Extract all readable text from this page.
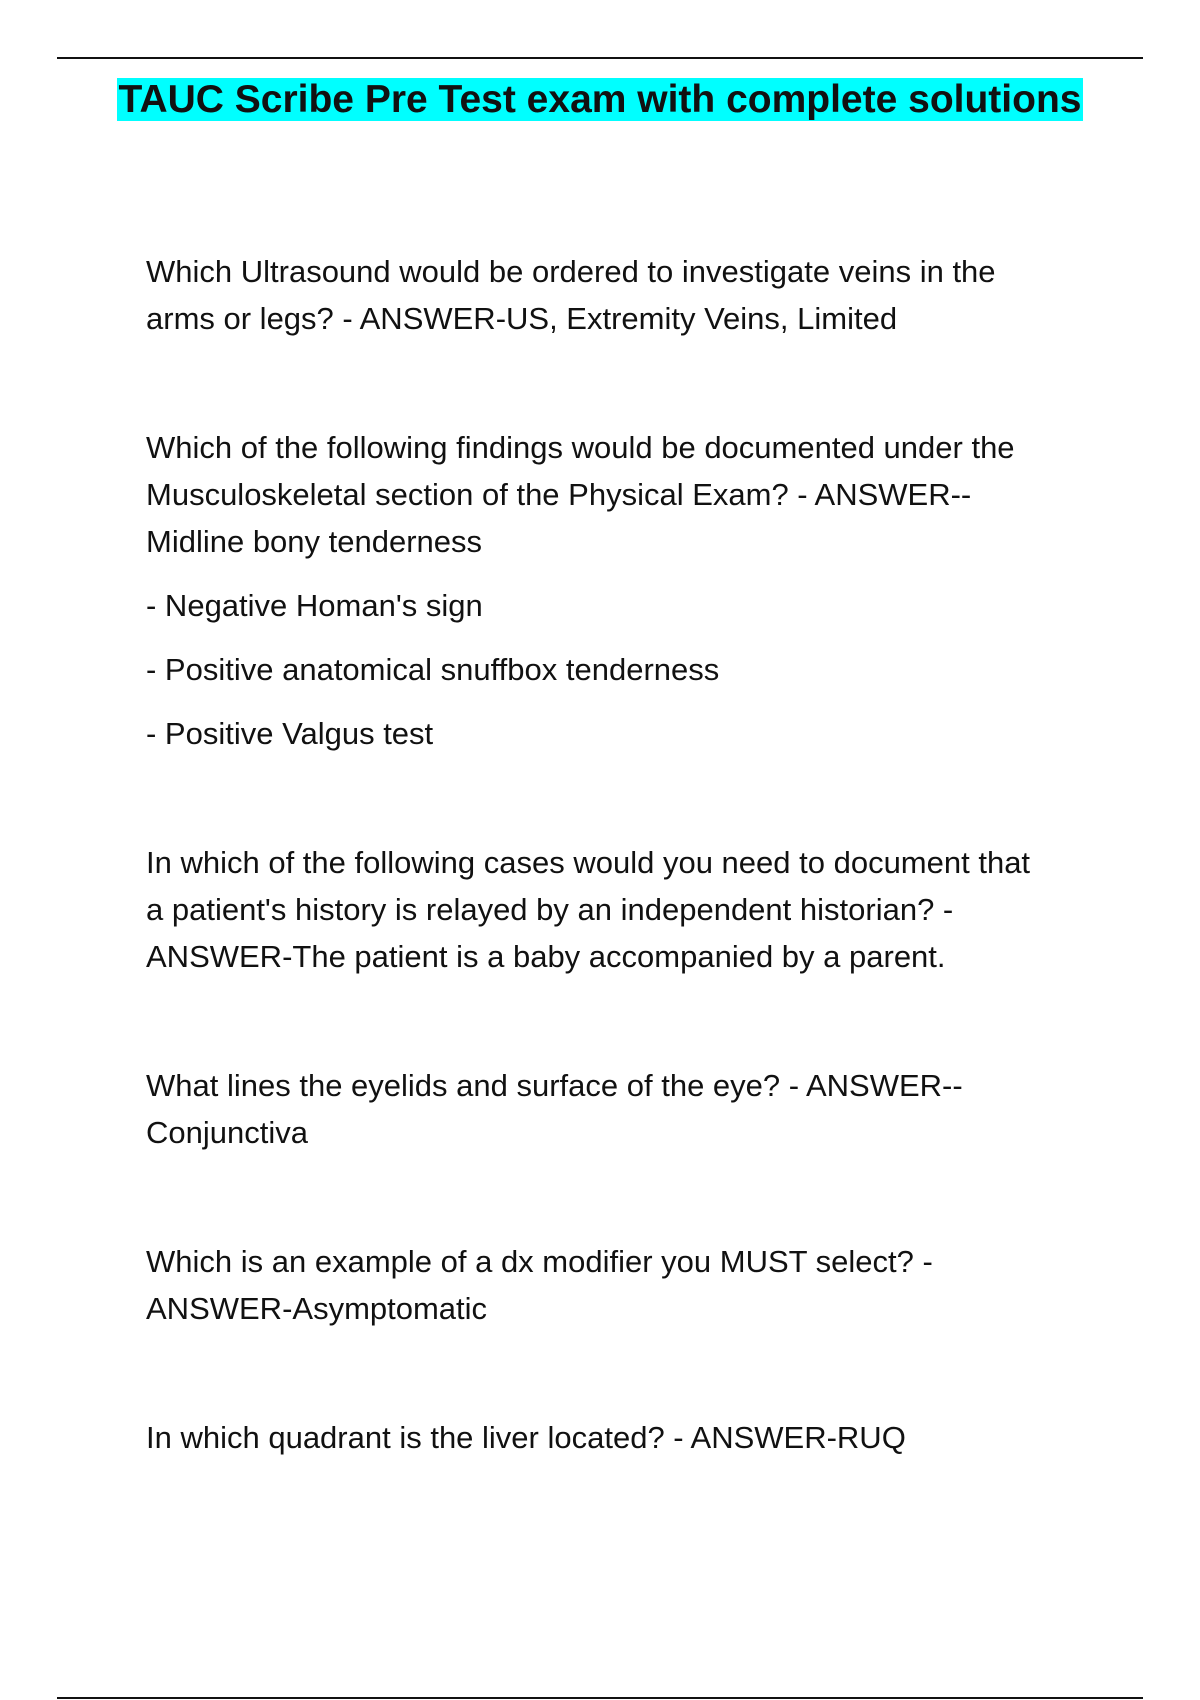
TAUC Scribe Pre Test exam with complete solutions

Which Ultrasound would be ordered to investigate veins in the arms or legs? - ANSWER-US, Extremity Veins, Limited

Which of the following findings would be documented under the Musculoskeletal section of the Physical Exam? - ANSWER-- Midline bony tenderness

- Negative Homan's sign

- Positive anatomical snuffbox tenderness

- Positive Valgus test

In which of the following cases would you need to document that a patient's history is relayed by an independent historian? - ANSWER-The patient is a baby accompanied by a parent.

What lines the eyelids and surface of the eye? - ANSWER--Conjunctiva

Which is an example of a dx modifier you MUST select? - ANSWER-Asymptomatic

In which quadrant is the liver located? - ANSWER-RUQ
